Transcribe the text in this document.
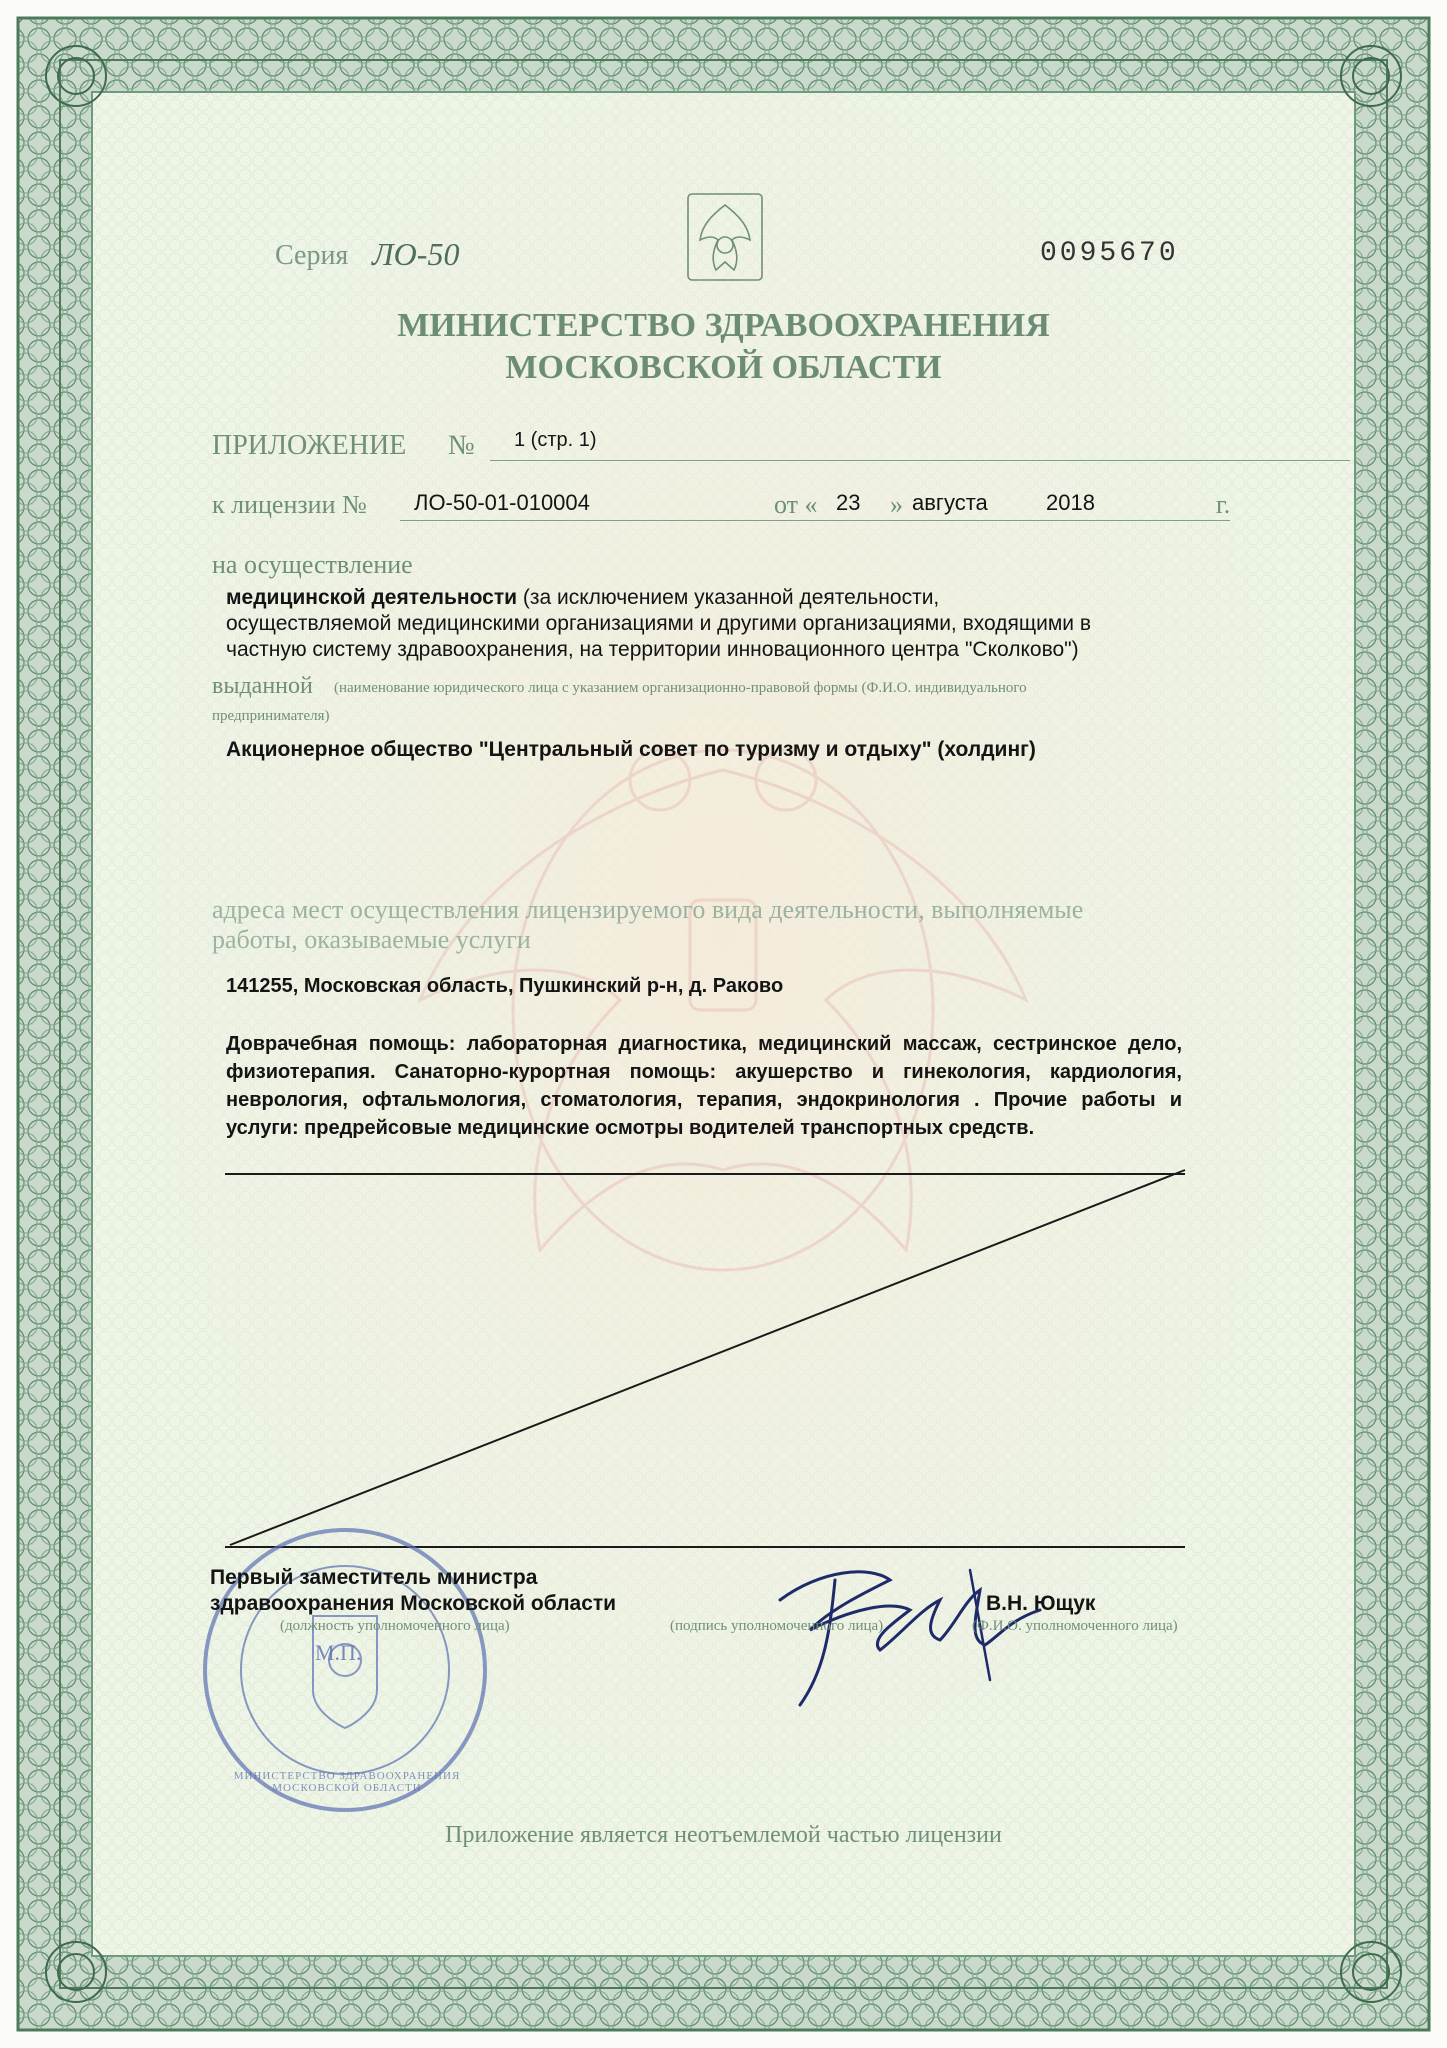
Серия ЛО-50	0095670
МИНИСТЕРСТВО ЗДРАВООХРАНЕНИЯ
МОСКОВСКОЙ ОБЛАСТИ
ПРИЛОЖЕНИЕ № 1 (стр. 1)
к лицензии № ЛО-50-01-010004	от « 23 » августа	2018	г.
на осуществление
медицинской деятельности (за исключением указанной деятельности,
осуществляемой медицинскими организациями и другими организациями, входящими в
частную систему здравоохранения, на территории инновационного центра "Сколково")
выданной (наименование юридического лица с указанием организационно-правовой формы (Ф.И.О. индивидуального
предпринимателя)
Акционерное общество "Центральный совет по туризму и отдыху" (холдинг)
адреса мест осуществления лицензируемого вида деятельности, выполняемые
работы, оказываемые услуги
141255, Московская область, Пушкинский р-н, д. Раково
Доврачебная помощь: лабораторная диагностика, медицинский массаж, сестринское дело, физиотерапия. Санаторно-курортная помощь: акушерство и гинекология, кардиология, неврология, офтальмология, стоматология, терапия, эндокринология . Прочие работы и услуги: предрейсовые медицинские осмотры водителей транспортных средств.
М.П.
МИНИСТЕРСТВО ЗДРАВООХРАНЕНИЯ МОСКОВСКОЙ ОБЛАСТИ
Первый заместитель министра
здравоохранения Московской области	В.Н. Ющук
(должность уполномоченного лица)	(подпись уполномоченного лица)	(Ф.И.О. уполномоченного лица)
Приложение является неотъемлемой частью лицензии
